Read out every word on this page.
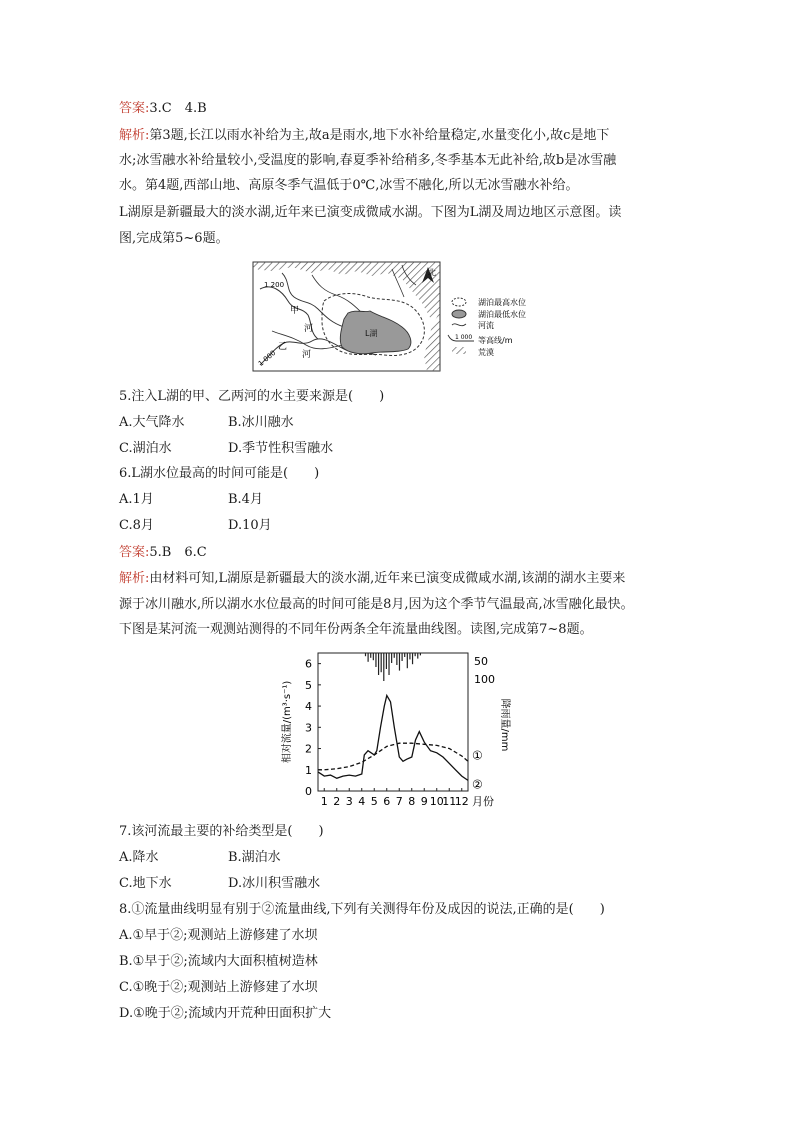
答案:3.C　4.B
解析:第3题,长江以雨水补给为主,故a是雨水,地下水补给量稳定,水量变化小,故c是地下
水;冰雪融水补给量较小,受温度的影响,春夏季补给稍多,冬季基本无此补给,故b是冰雪融
水。第4题,西部山地、高原冬季气温低于0℃,冰雪不融化,所以无冰雪融水补给。
L湖原是新疆最大的淡水湖,近年来已演变成微咸水湖。下图为L湖及周边地区示意图。读
图,完成第5~6题。
1 200
1 000
L湖
甲
河
乙
河
北
湖泊最高水位
湖泊最低水位
河流
1 000 等高线/m
荒漠
5.注入L湖的甲、乙两河的水主要来源是(　　)
A.大气降水	B.冰川融水
C.湖泊水	D.季节性积雪融水
6.L湖水位最高的时间可能是(　　)
A.1月	B.4月
C.8月	D.10月
答案:5.B　6.C
解析:由材料可知,L湖原是新疆最大的淡水湖,近年来已演变成微咸水湖,该湖的湖水主要来
源于冰川融水,所以湖水水位最高的时间可能是8月,因为这个季节气温最高,冰雪融化最快。
下图是某河流一观测站测得的不同年份两条全年流量曲线图。读图,完成第7~8题。
0
1
2
3
4
5
6
相对流量/(m³·s⁻¹)
50
100
降雨量/mm
①
②
1 2 3 4 5 6 7 8 9 10
11
12 月份
7.该河流最主要的补给类型是(　　)
A.降水	B.湖泊水
C.地下水	D.冰川积雪融水
8.①流量曲线明显有别于②流量曲线,下列有关测得年份及成因的说法,正确的是(　　)
A.①早于②;观测站上游修建了水坝
B.①早于②;流域内大面积植树造林
C.①晚于②;观测站上游修建了水坝
D.①晚于②;流域内开荒种田面积扩大
